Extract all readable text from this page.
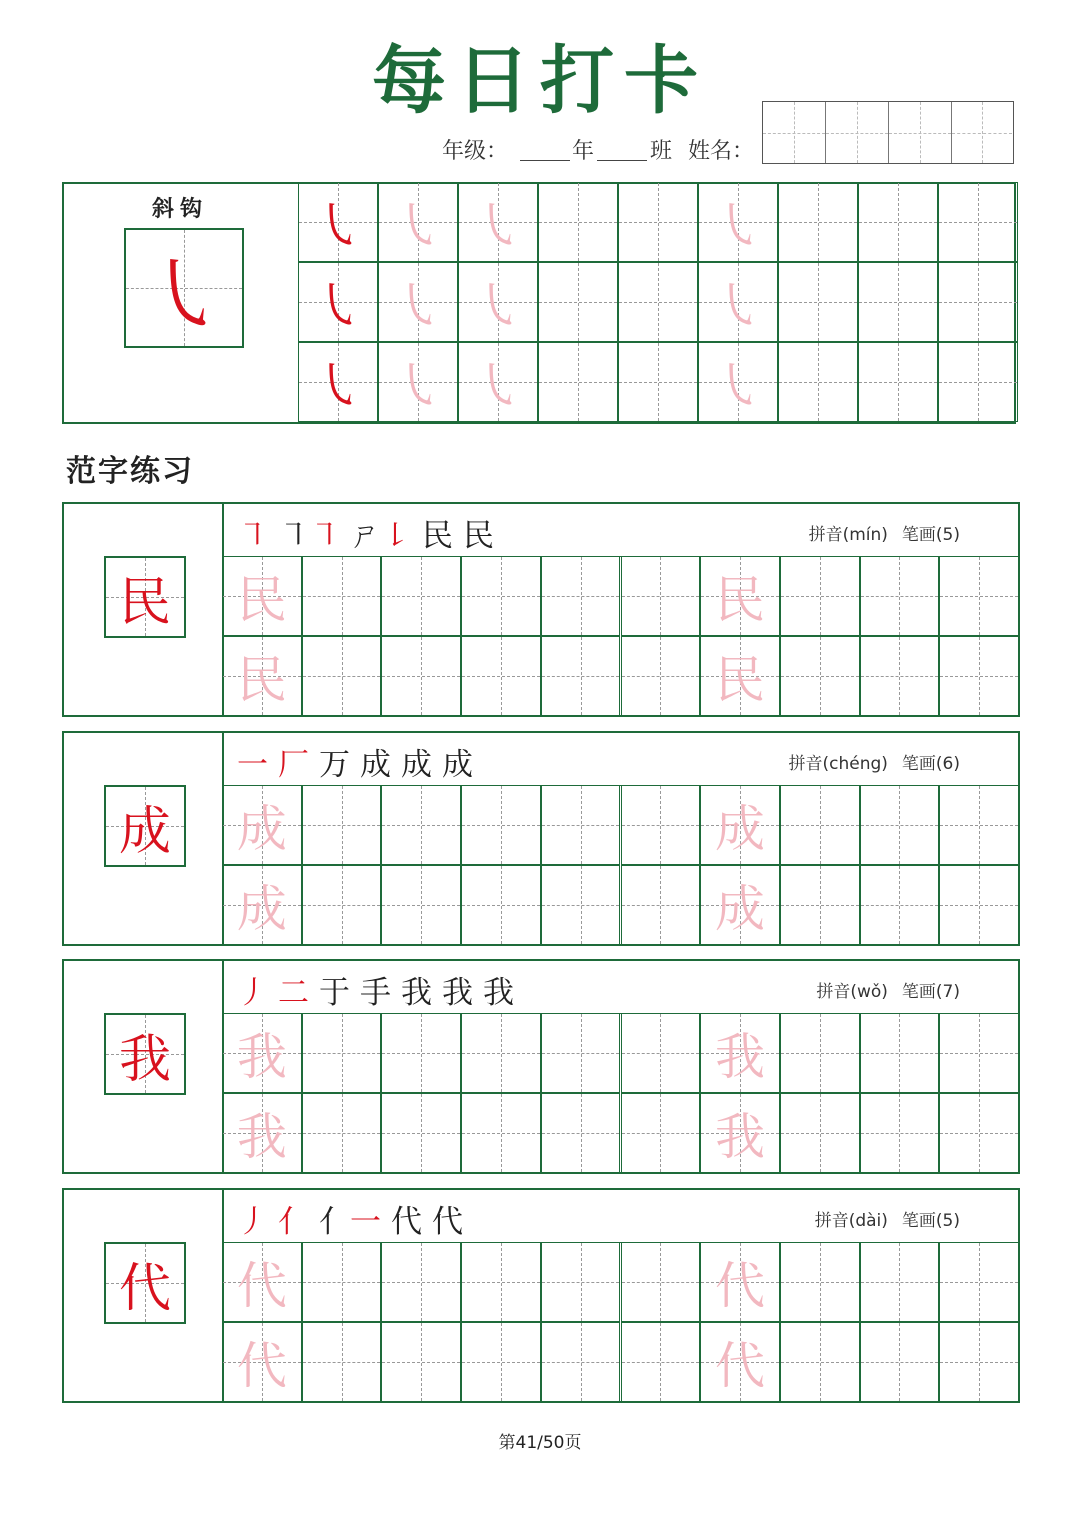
每日打卡
年级：	年	班 姓名：
斜钩
㇂
㇂ ㇂ ㇂	㇂
㇂ ㇂ ㇂	㇂
㇂ ㇂ ㇂	㇂
范字练习
民
㇕ ㇕㇕ ㄕ㇙ 民 民	拼音(mín) 笔画(5)
民	民
民	民
成
一 厂 万 成 成 成	拼音(chéng) 笔画(6)
成	成
成	成
我
丿 二 于 手 我 我 我	拼音(wǒ) 笔画(7)
我	我
我	我
代
丿 亻 亻一 代 代	拼音(dài) 笔画(5)
代	代
代	代
第41/50页
